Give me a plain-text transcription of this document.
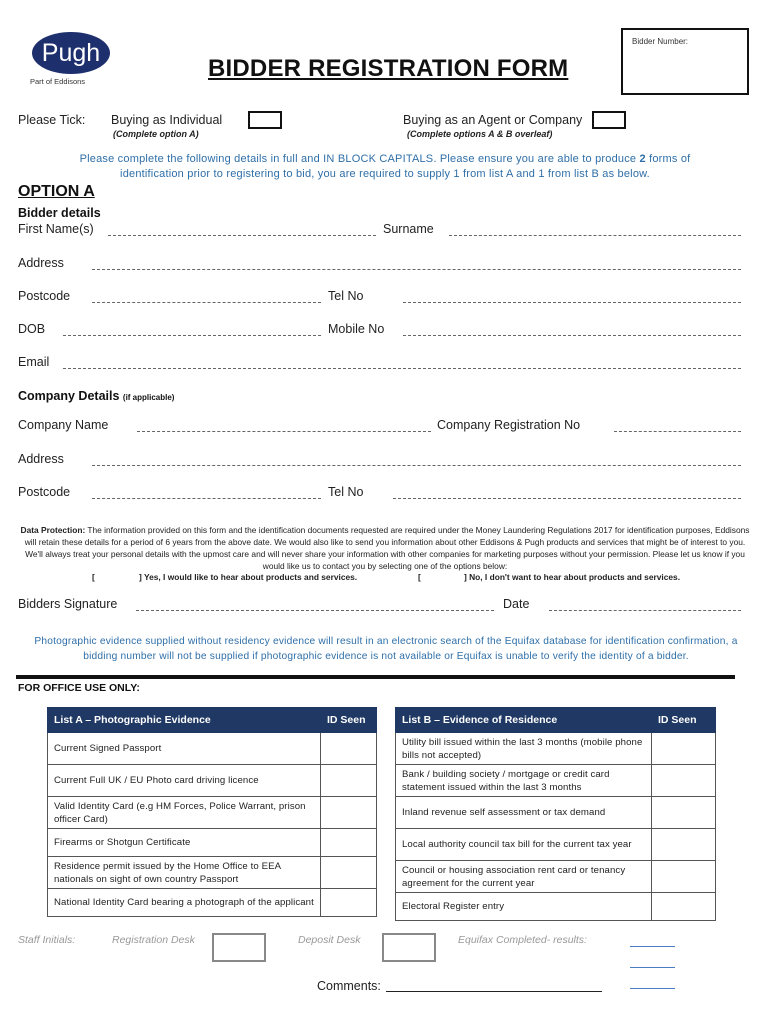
Pugh
Part of Eddisons	BIDDER REGISTRATION FORM
Bidder Number:
Please Tick: Buying as Individual
(Complete option A)
Buying as an Agent or Company
(Complete options A & B overleaf)
Please complete the following details in full and IN BLOCK CAPITALS. Please ensure you are able to produce 2 forms of
identification prior to registering to bid, you are required to supply 1 from list A and 1 from list B as below.
OPTION A
Bidder details
First Name(s)	Surname
Address
Postcode	Tel No
DOB	Mobile No
Email
Company Details (if applicable)
Company Name	Company Registration No
Address
Postcode	Tel No
Data Protection: The information provided on this form and the identification documents requested are required under the Money Laundering Regulations 2017 for identification purposes, Eddisons will retain these details for a period of 6 years from the above date. We would also like to send you information about other Eddisons & Pugh products and services that might be of interest to you. We'll always treat your personal details with the upmost care and will never share your information with other companies for marketing purposes without your permission. Please let us know if you would like us to contact you by selecting one of the options below:
[	] Yes, I would like to hear about products and services.	[	] No, I don't want to hear about products and services.
Bidders Signature	Date
Photographic evidence supplied without residency evidence will result in an electronic search of the Equifax database for identification confirmation, a
bidding number will not be supplied if photographic evidence is not available or Equifax is unable to verify the identity of a bidder.
FOR OFFICE USE ONLY:
List A – Photographic Evidence	ID Seen
Current Signed Passport	
Current Full UK / EU Photo card driving licence	
Valid Identity Card (e.g HM Forces, Police Warrant, prison officer Card)	
Firearms or Shotgun Certificate	
Residence permit issued by the Home Office to EEA nationals on sight of own country Passport	
National Identity Card bearing a photograph of the applicant	
List B – Evidence of Residence	ID Seen
Utility bill issued within the last 3 months (mobile phone bills not accepted)	
Bank / building society / mortgage or credit card statement issued within the last 3 months	
Inland revenue self assessment or tax demand	
Local authority council tax bill for the current tax year	
Council or housing association rent card or tenancy agreement for the current year	
Electoral Register entry	
Staff Initials:	Registration Desk	Deposit Desk	Equifax Completed- results:
Comments:
